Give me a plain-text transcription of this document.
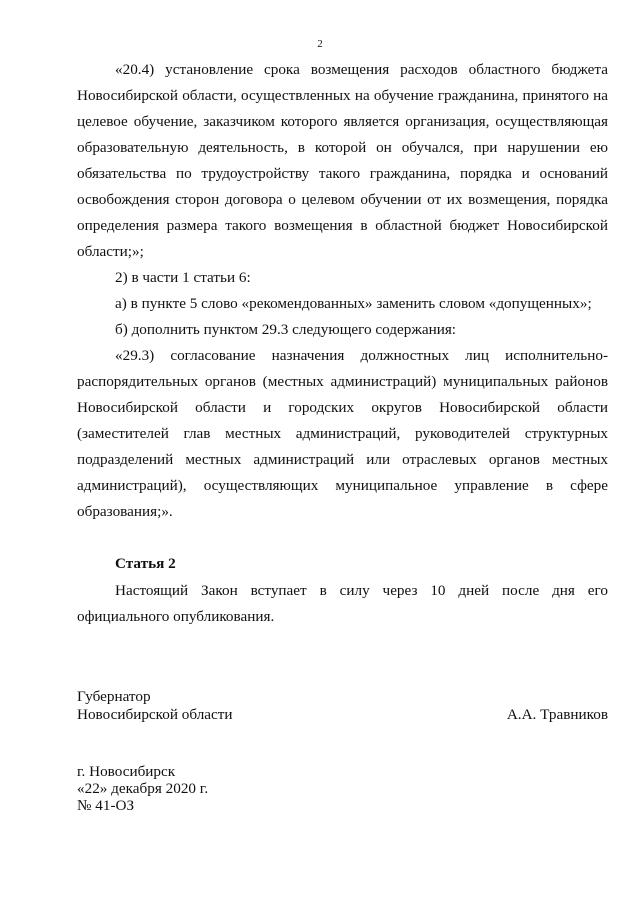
2

«20.4) установление срока возмещения расходов областного бюджета Новосибирской области, осуществленных на обучение гражданина, принятого на целевое обучение, заказчиком которого является организация, осуществляющая образовательную деятельность, в которой он обучался, при нарушении ею обязательства по трудоустройству такого гражданина, порядка и оснований освобождения сторон договора о целевом обучении от их возмещения, порядка определения размера такого возмещения в областной бюджет Новосибирской области;»;

2) в части 1 статьи 6:

а) в пункте 5 слово «рекомендованных» заменить словом «допущенных»;

б) дополнить пунктом 29.3 следующего содержания:

«29.3) согласование назначения должностных лиц исполнительно-распорядительных органов (местных администраций) муниципальных районов Новосибирской области и городских округов Новосибирской области (заместителей глав местных администраций, руководителей структурных подразделений местных администраций или отраслевых органов местных администраций), осуществляющих муниципальное управление в сфере образования;».

Статья 2

Настоящий Закон вступает в силу через 10 дней после дня его официального опубликования.

Губернатор
Новосибирской области	А.А. Травников
г. Новосибирск
«22» декабря 2020 г.
№ 41-ОЗ
